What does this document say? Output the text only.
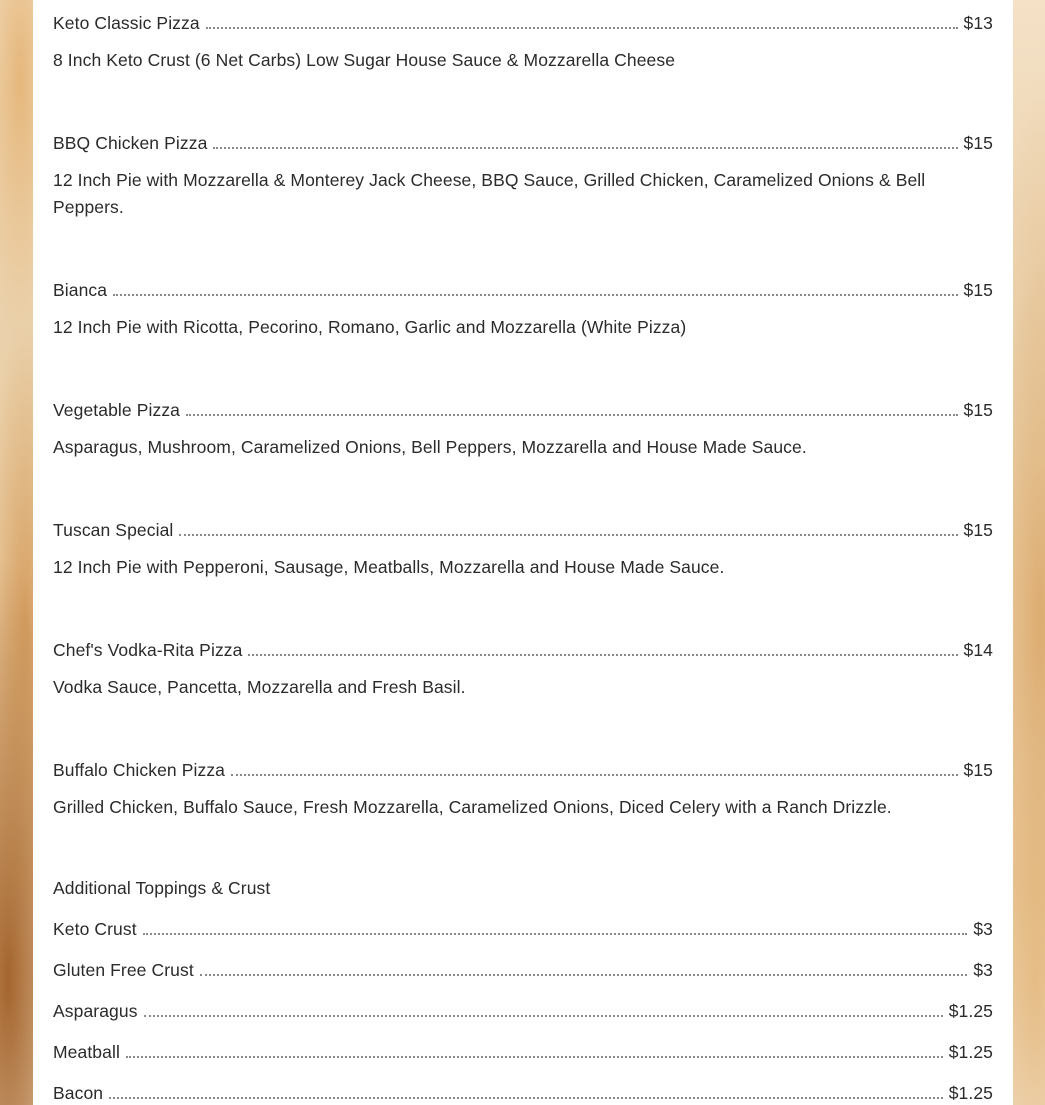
Keto Classic Pizza	$13
8 Inch Keto Crust (6 Net Carbs) Low Sugar House Sauce & Mozzarella Cheese
BBQ Chicken Pizza	$15
12 Inch Pie with Mozzarella & Monterey Jack Cheese, BBQ Sauce, Grilled Chicken, Caramelized Onions & Bell Peppers.
Bianca	$15
12 Inch Pie with Ricotta, Pecorino, Romano, Garlic and Mozzarella (White Pizza)
Vegetable Pizza	$15
Asparagus, Mushroom, Caramelized Onions, Bell Peppers, Mozzarella and House Made Sauce.
Tuscan Special	$15
12 Inch Pie with Pepperoni, Sausage, Meatballs, Mozzarella and House Made Sauce.
Chef's Vodka-Rita Pizza	$14
Vodka Sauce, Pancetta, Mozzarella and Fresh Basil.
Buffalo Chicken Pizza	$15
Grilled Chicken, Buffalo Sauce, Fresh Mozzarella, Caramelized Onions, Diced Celery with a Ranch Drizzle.
Additional Toppings & Crust
Keto Crust	$3
Gluten Free Crust	$3
Asparagus	$1.25
Meatball	$1.25
Bacon	$1.25
